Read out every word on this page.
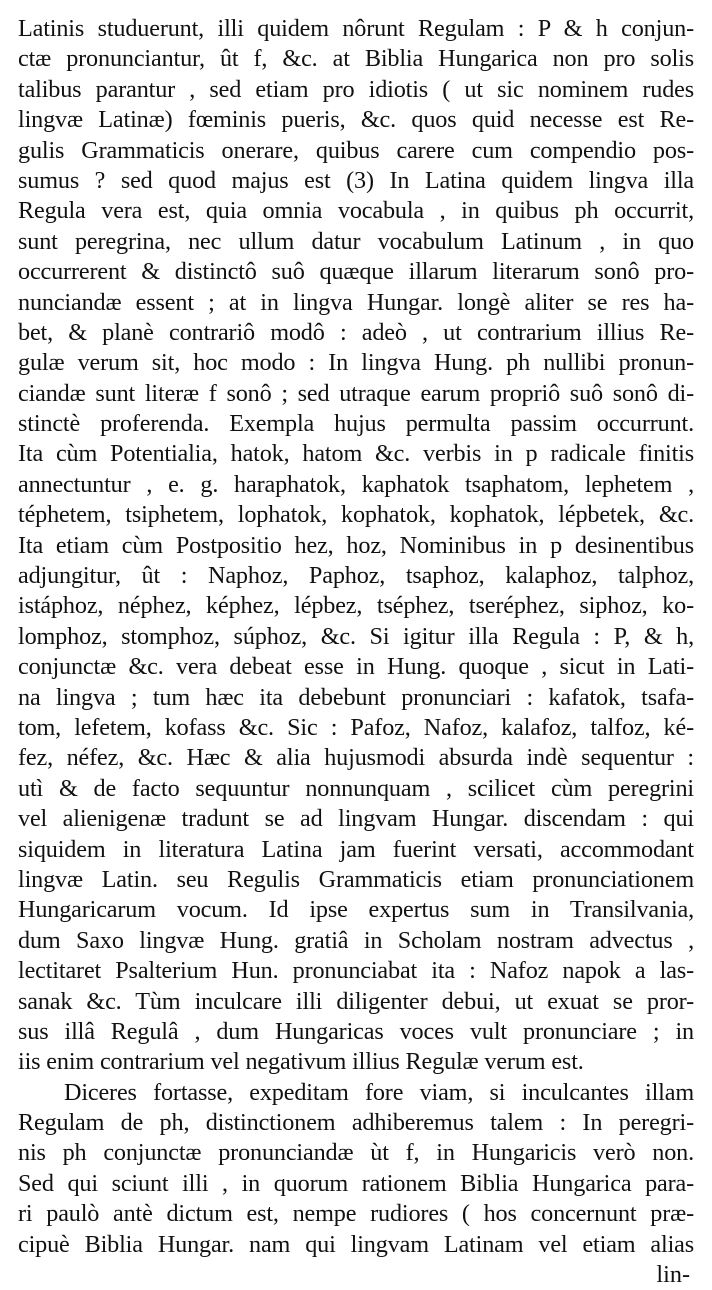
Latinis studuerunt, illi quidem nôrunt Regulam : P & h conjun-
ctæ pronunciantur, ût f, &c. at Biblia Hungarica non pro solis
talibus parantur , sed etiam pro idiotis ( ut sic nominem rudes
lingvæ Latinæ) fœminis pueris, &c. quos quid necesse est Re-
gulis Grammaticis onerare, quibus carere cum compendio pos-
sumus ? sed quod majus est (3) In Latina quidem lingva illa
Regula vera est, quia omnia vocabula , in quibus ph occurrit,
sunt peregrina, nec ullum datur vocabulum Latinum , in quo
occurrerent & distinctô suô quæque illarum literarum sonô pro-
nunciandæ essent ; at in lingva Hungar. longè aliter se res ha-
bet, & planè contrariô modô : adeò , ut contrarium illius Re-
gulæ verum sit, hoc modo : In lingva Hung. ph nullibi pronun-
ciandæ sunt literæ f sonô ; sed utraque earum propriô suô sonô di-
stinctè proferenda. Exempla hujus permulta passim occurrunt.
Ita cùm Potentialia, hatok, hatom &c. verbis in p radicale finitis
annectuntur , e. g. haraphatok, kaphatok tsaphatom, lephetem ,
téphetem, tsiphetem, lophatok, kophatok, kophatok, lépbetek, &c.
Ita etiam cùm Postpositio hez, hoz, Nominibus in p desinentibus
adjungitur, ût : Naphoz, Paphoz, tsaphoz, kalaphoz, talphoz,
istáphoz, néphez, képhez, lépbez, tséphez, tseréphez, siphoz, ko-
lomphoz, stomphoz, súphoz, &c. Si igitur illa Regula : P, & h,
conjunctæ &c. vera debeat esse in Hung. quoque , sicut in Lati-
na lingva ; tum hæc ita debebunt pronunciari : kafatok, tsafa-
tom, lefetem, kofass &c. Sic : Pafoz, Nafoz, kalafoz, talfoz, ké-
fez, néfez, &c. Hæc & alia hujusmodi absurda indè sequentur :
utì & de facto sequuntur nonnunquam , scilicet cùm peregrini
vel alienigenæ tradunt se ad lingvam Hungar. discendam : qui
siquidem in literatura Latina jam fuerint versati, accommodant
lingvæ Latin. seu Regulis Grammaticis etiam pronunciationem
Hungaricarum vocum. Id ipse expertus sum in Transilvania,
dum Saxo lingvæ Hung. gratiâ in Scholam nostram advectus ,
lectitaret Psalterium Hun. pronunciabat ita : Nafoz napok a las-
sanak &c. Tùm inculcare illi diligenter debui, ut exuat se pror-
sus illâ Regulâ , dum Hungaricas voces vult pronunciare ; in
iis enim contrarium vel negativum illius Regulæ verum est.
Diceres fortasse, expeditam fore viam, si inculcantes illam
Regulam de ph, distinctionem adhiberemus talem : In peregri-
nis ph conjunctæ pronunciandæ ùt f, in Hungaricis verò non.
Sed qui sciunt illi , in quorum rationem Biblia Hungarica para-
ri paulò antè dictum est, nempe rudiores ( hos concernunt præ-
cipuè Biblia Hungar. nam qui lingvam Latinam vel etiam alias
lin-
